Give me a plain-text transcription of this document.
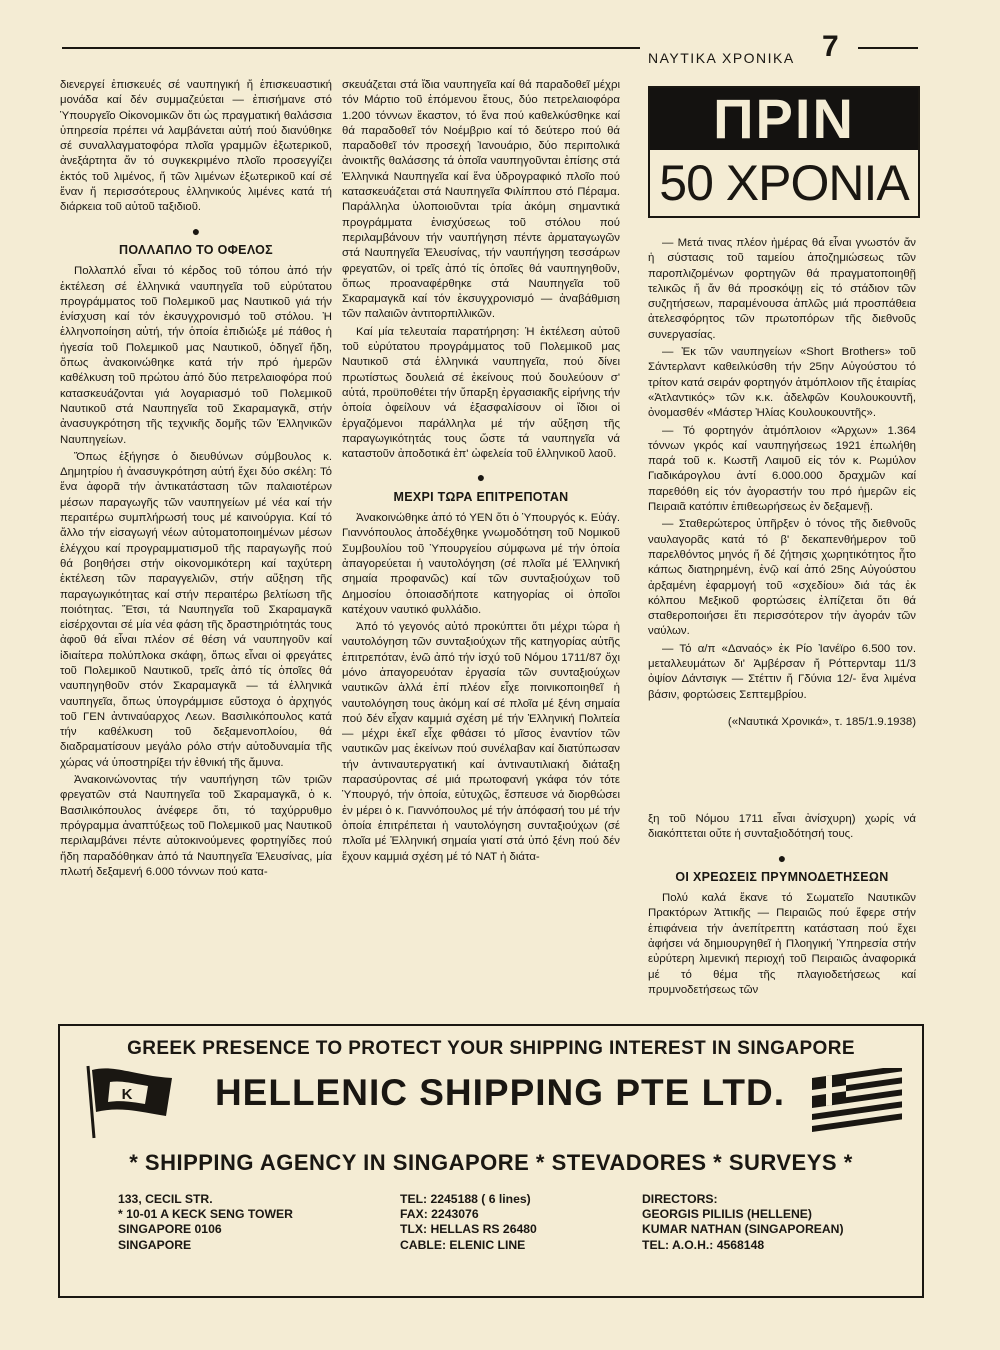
ΝΑΥΤΙΚΑ ΧΡΟΝΙΚΑ 7

διενεργεί ἐπισκευές σέ ναυπηγική ἤ ἐπισκευαστική μονάδα καί δέν συμμαζεύεται — ἐπισήμανε στό Ὑπουργεῖο Οἰκονομικῶν ὅτι ὡς πραγματική θαλάσσια ὑπηρεσία πρέπει νά λαμβάνεται αὐτή πού διανύθηκε σέ συναλλαγματοφόρα πλοῖα γραμμῶν ἐξωτερικοῦ, ἀνεξάρτητα ἄν τό συγκεκριμένο πλοῖο προσεγγίζει ἐκτός τοῦ λιμένος, ἤ τῶν λιμένων ἐξωτερικοῦ καί σέ ἕναν ἤ περισσότερους ἑλληνικούς λιμένες κατά τή διάρκεια τοῦ αὐτοῦ ταξιδιοῦ.

●
ΠΟΛΛΑΠΛΟ ΤΟ ΟΦΕΛΟΣ

Πολλαπλό εἶναι τό κέρδος τοῦ τόπου ἀπό τήν ἐκτέλεση σέ ἑλληνικά ναυπηγεῖα τοῦ εὐρύτατου προγράμματος τοῦ Πολεμικοῦ μας Ναυτικοῦ γιά τήν ἐνίσχυση καί τόν ἐκσυγχρονισμό τοῦ στόλου. Ἡ ἑλληνοποίηση αὐτή, τήν ὁποία ἐπιδιώξε μέ πάθος ἡ ἡγεσία τοῦ Πολεμικοῦ μας Ναυτικοῦ, ὁδηγεῖ ἤδη, ὅπως ἀνακοινώθηκε κατά τήν πρό ἡμερῶν καθέλκυση τοῦ πρώτου ἀπό δύο πετρελαιοφόρα πού κατασκευάζονται γιά λογαριασμό τοῦ Πολεμικοῦ Ναυτικοῦ στά Ναυπηγεῖα τοῦ Σκαραμαγκᾶ, στήν ἀνασυγκρότηση τῆς τεχνικῆς δομῆς τῶν Ἑλληνικῶν Ναυπηγείων.

Ὅπως ἐξήγησε ὁ διευθύνων σύμβουλος κ. Δημητρίου ἡ ἀνασυγκρότηση αὐτή ἔχει δύο σκέλη: Τό ἕνα ἀφορᾶ τήν ἀντικατάσταση τῶν παλαιοτέρων μέσων παραγωγῆς τῶν ναυπηγείων μέ νέα καί τήν περαιτέρω συμπλήρωσή τους μέ καινούργια. Καί τό ἄλλο τήν εἰσαγωγή νέων αὐτοματοποιημένων μέσων ἐλέγχου καί προγραμματισμοῦ τῆς παραγωγῆς πού θά βοηθήσει στήν οἰκονομικότερη καί ταχύτερη ἐκτέλεση τῶν παραγγελιῶν, στήν αὔξηση τῆς παραγωγικότητας καί στήν περαιτέρω βελτίωση τῆς ποιότητας. Ἔτσι, τά Ναυπηγεῖα τοῦ Σκαραμαγκᾶ εἰσέρχονται σέ μία νέα φάση τῆς δραστηριότητάς τους ἀφοῦ θά εἶναι πλέον σέ θέση νά ναυπηγοῦν καί ἰδιαίτερα πολύπλοκα σκάφη, ὅπως εἶναι οἱ φρεγάτες τοῦ Πολεμικοῦ Ναυτικοῦ, τρεῖς ἀπό τίς ὁποῖες θά ναυπηγηθοῦν στόν Σκαραμαγκᾶ — τά ἑλληνικά ναυπηγεῖα, ὅπως ὑπογράμμισε εὔστοχα ὁ ἀρχηγός τοῦ ΓΕΝ ἀντιναύαρχος Λεων. Βασιλικόπουλος κατά τήν καθέλκυση τοῦ δεξαμενοπλοίου, θά διαδραματίσουν μεγάλο ρόλο στήν αὐτοδυναμία τῆς χώρας νά ὑποστηρίξει τήν ἐθνική τῆς ἄμυνα.

Ἀνακοινώνοντας τήν ναυπήγηση τῶν τριῶν φρεγατῶν στά Ναυπηγεῖα τοῦ Σκαραμαγκᾶ, ὁ κ. Βασιλικόπουλος ἀνέφερε ὅτι, τό ταχύρρυθμο πρόγραμμα ἀναπτύξεως τοῦ Πολεμικοῦ μας Ναυτικοῦ περιλαμβάνει πέντε αὐτοκινούμενες φορτηγίδες πού ἤδη παραδόθηκαν ἀπό τά Ναυπηγεῖα Ἐλευσίνας, μία πλωτή δεξαμενή 6.000 τόννων πού κατα-

σκευάζεται στά ἴδια ναυπηγεῖα καί θά παραδοθεῖ μέχρι τόν Μάρτιο τοῦ ἐπόμενου ἔτους, δύο πετρελαιοφόρα 1.200 τόννων ἕκαστον, τό ἕνα πού καθελκύσθηκε καί θά παραδοθεῖ τόν Νοέμβριο καί τό δεύτερο πού θά παραδοθεῖ τόν προσεχή Ἰανουάριο, δύο περιπολικά ἀνοικτῆς θαλάσσης τά ὁποῖα ναυπηγοῦνται ἐπίσης στά Ἑλληνικά Ναυπηγεῖα καί ἕνα ὑδρογραφικό πλοῖο πού κατασκευάζεται στά Ναυπηγεῖα Φιλίππου στό Πέραμα. Παράλληλα ὑλοποιοῦνται τρία ἀκόμη σημαντικά προγράμματα ἐνισχύσεως τοῦ στόλου πού περιλαμβάνουν τήν ναυπήγηση πέντε ἀρματαγωγῶν στά Ναυπηγεῖα Ἐλευσίνας, τήν ναυπήγηση τεσσάρων φρεγατῶν, οἱ τρεῖς ἀπό τίς ὁποῖες θά ναυπηγηθοῦν, ὅπως προαναφέρθηκε στά Ναυπηγεῖα τοῦ Σκαραμαγκᾶ καί τόν ἐκσυγχρονισμό — ἀναβάθμιση τῶν παλαιῶν ἀντιτορπιλλικῶν.

Καί μία τελευταία παρατήρηση: Ἡ ἐκτέλεση αὐτοῦ τοῦ εὐρύτατου προγράμματος τοῦ Πολεμικοῦ μας Ναυτικοῦ στά ἑλληνικά ναυπηγεῖα, πού δίνει πρωτίστως δουλειά σέ ἐκείνους πού δουλεύουν σ' αὐτά, προϋποθέτει τήν ὕπαρξη ἐργασιακῆς εἰρήνης τήν ὁποία ὀφείλουν νά ἐξασφαλίσουν οἱ ἴδιοι οἱ ἐργαζόμενοι παράλληλα μέ τήν αὔξηση τῆς παραγωγικότητάς τους ὥστε τά ναυπηγεῖα νά καταστοῦν ἀποδοτικά ἐπ' ὠφελεία τοῦ ἑλληνικοῦ λαοῦ.

●
ΜΕΧΡΙ ΤΩΡΑ ΕΠΙΤΡΕΠΟΤΑΝ

Ἀνακοινώθηκε ἀπό τό ΥΕΝ ὅτι ὁ Ὑπουργός κ. Εὐάγ. Γιαννόπουλος ἀποδέχθηκε γνωμοδότηση τοῦ Νομικοῦ Συμβουλίου τοῦ Ὑπουργείου σύμφωνα μέ τήν ὁποία ἀπαγορεύεται ἡ ναυτολόγηση (σέ πλοῖα μέ Ἑλληνική σημαία προφανῶς) καί τῶν συνταξιούχων τοῦ Δημοσίου ὁποιασδήποτε κατηγορίας οἱ ὁποῖοι κατέχουν ναυτικό φυλλάδιο.

Ἀπό τό γεγονός αὐτό προκύπτει ὅτι μέχρι τώρα ἡ ναυτολόγηση τῶν συνταξιούχων τῆς κατηγορίας αὐτῆς ἐπιτρεπόταν, ἐνῶ ἀπό τήν ἰσχύ τοῦ Νόμου 1711/87 ὄχι μόνο ἀπαγορευόταν ἐργασία τῶν συνταξιούχων ναυτικῶν ἀλλά ἐπί πλέον εἶχε ποινικοποιηθεῖ ἡ ναυτολόγηση τους ἀκόμη καί σέ πλοῖα μέ ξένη σημαία πού δέν εἶχαν καμμιά σχέση μέ τήν Ἑλληνική Πολιτεία — μέχρι ἐκεῖ εἶχε φθάσει τό μῖσος ἐναντίον τῶν ναυτικῶν μας ἐκείνων πού συνέλαβαν καί διατύπωσαν τήν ἀντιναυτεργατική καί ἀντιναυτιλιακή διάταξη παρασύροντας σέ μιά πρωτοφανή γκάφα τόν τότε Ὑπουργό, τήν ὁποία, εὐτυχῶς, ἔσπευσε νά διορθώσει ἐν μέρει ὁ κ. Γιαννόπουλος μέ τήν ἀπόφασή του μέ τήν ὁποία ἐπιτρέπεται ἡ ναυτολόγηση συνταξιούχων (σέ πλοῖα μέ Ἑλληνική σημαία γιατί στά ὑπό ξένη πού δέν ἔχουν καμμιά σχέση μέ τό ΝΑΤ ἡ διάτα-

ΠΡΙΝ
50 ΧΡΟΝΙΑ

— Μετά τινας πλέον ἡμέρας θά εἶναι γνωστόν ἄν ἡ σύστασις τοῦ ταμείου ἀποζημιώσεως τῶν παροπλιζομένων φορτηγῶν θά πραγματοποιηθῇ τελικῶς ἤ ἄν θά προσκόψῃ εἰς τό στάδιον τῶν συζητήσεων, παραμένουσα ἁπλῶς μιά προσπάθεια ἀτελεσφόρητος τῶν πρωτοπόρων τῆς διεθνοῦς συνεργασίας.

— Ἐκ τῶν ναυπηγείων «Short Brothers» τοῦ Σάντερλαντ καθειλκύσθη τήν 25ην Αὐγούστου τό τρίτον κατά σειράν φορτηγόν ἀτμόπλοιον τῆς ἑταιρίας «Ἀτλαντικός» τῶν κ.κ. ἀδελφῶν Κουλουκουντῆ, ὀνομασθέν «Μάστερ Ἠλίας Κουλουκουντῆς».

— Τό φορτηγόν ἀτμόπλοιον «Ἀρχων» 1.364 τόννων γκρός καί ναυπηγήσεως 1921 ἐπωλήθη παρά τοῦ κ. Κωστῆ Λαιμοῦ εἰς τόν κ. Ρωμύλον Γιαδικάρογλου ἀντί 6.000.000 δραχμῶν καί παρεθόθη εἰς τόν ἀγοραστήν του πρό ἡμερῶν εἰς Πειραιᾶ κατόπιν ἐπιθεωρήσεως ἐν δεξαμενῇ.

— Σταθερώτερος ὑπῆρξεν ὁ τόνος τῆς διεθνοῦς ναυλαγορᾶς κατά τό β' δεκαπενθήμερον τοῦ παρελθόντος μηνός ἤ δέ ζήτησις χωρητικότητος ἦτο κάπως διατηρημένη, ἐνῷ καί ἀπό 25ης Αὐγούστου ἀρξαμένη ἐφαρμογή τοῦ «σχεδίου» διά τάς ἐκ κόλπου Μεξικοῦ φορτώσεις ἐλπίζεται ὅτι θά σταθεροποιήσει ἔτι περισσότερον τήν ἀγοράν τῶν ναύλων.

— Τό α/π «Δαναός» ἐκ Ρίο Ἰανέϊρο 6.500 τον. μεταλλευμάτων δι' Ἀμβέρσαν ἤ Ρόττερνταμ 11/3 ὀψίον Δάντσιγκ — Στέττιν ἤ Γδύνια 12/- ἕνα λιμένα βάσιν, φορτώσεις Σεπτεμβρίου.

(«Ναυτικά Χρονικά», τ. 185/1.9.1938)

ξη τοῦ Νόμου 1711 εἶναι ἀνίσχυρη) χωρίς νά διακόπτεται οὔτε ἡ συνταξιοδότησή τους.

●
ΟΙ ΧΡΕΩΣΕΙΣ ΠΡΥΜΝΟΔΕΤΗΣΕΩΝ

Πολύ καλά ἔκανε τό Σωματεῖο Ναυτικῶν Πρακτόρων Ἀττικῆς — Πειραιῶς πού ἔφερε στήν ἐπιφάνεια τήν ἀνεπίτρεπτη κατάσταση πού ἔχει ἀφήσει νά δημιουργηθεῖ ἡ Πλοηγική Ὑπηρεσία στήν εὐρύτερη λιμενική περιοχή τοῦ Πειραιῶς ἀναφορικά μέ τό θέμα τῆς πλαγιοδετήσεως καί πρυμνοδετήσεως τῶν

GREEK PRESENCE TO PROTECT YOUR SHIPPING INTEREST IN SINGAPORE
K	HELLENIC SHIPPING PTE LTD.
* SHIPPING AGENCY IN SINGAPORE * STEVADORES * SURVEYS *
133, CECIL STR.
* 10-01 A KECK SENG TOWER
SINGAPORE 0106
SINGAPORE
TEL: 2245188 ( 6 lines)
FAX: 2243076
TLX: HELLAS RS 26480
CABLE: ELENIC LINE
DIRECTORS:
GEORGIS PILILIS (HELLENE)
KUMAR NATHAN (SINGAPOREAN)
TEL: A.O.H.: 4568148
